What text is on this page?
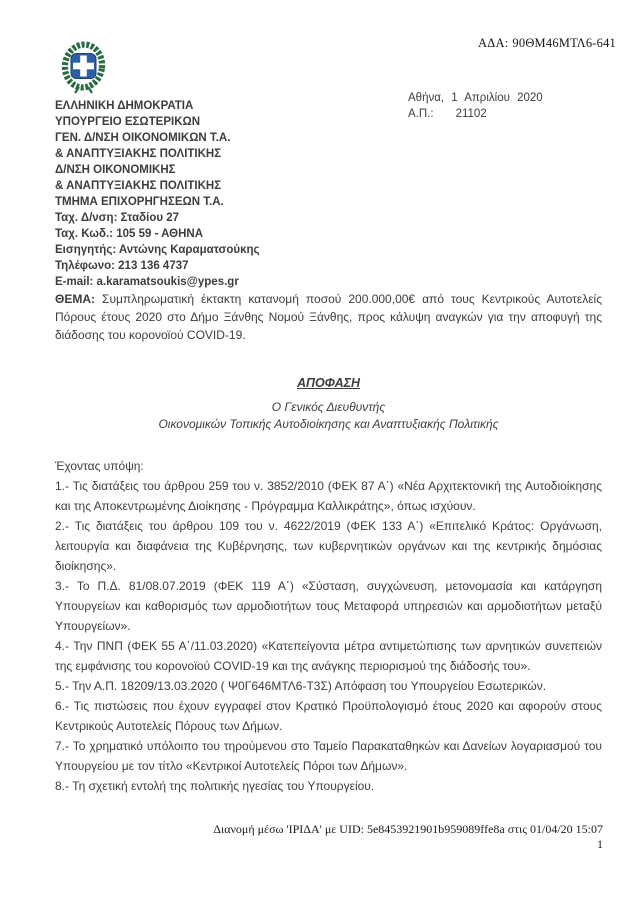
ΑΔΑ: 90ΘΜ46ΜΤΛ6-641
ΕΛΛΗΝΙΚΗ ΔΗΜΟΚΡΑΤΙΑ
ΥΠΟΥΡΓΕΙΟ ΕΣΩΤΕΡΙΚΩΝ
ΓΕΝ. Δ/ΝΣΗ ΟΙΚΟΝΟΜΙΚΩΝ Τ.Α.
& ΑΝΑΠΤΥΞΙΑΚΗΣ ΠΟΛΙΤΙΚΗΣ
Δ/ΝΣΗ ΟΙΚΟΝΟΜΙΚΗΣ
& ΑΝΑΠΤΥΞΙΑΚΗΣ ΠΟΛΙΤΙΚΗΣ
ΤΜΗΜΑ ΕΠΙΧΟΡΗΓΗΣΕΩΝ Τ.Α.
Ταχ. Δ/νση: Σταδίου 27
Ταχ. Κωδ.: 105 59 - ΑΘΗΝΑ
Εισηγητής: Αντώνης Καραματσούκης
Τηλέφωνο: 213 136 4737
E-mail: a.karamatsoukis@ypes.gr
Αθήνα, 1 Απριλίου 2020
Α.Π.: 21102
ΘΕΜΑ: Συμπληρωματική έκτακτη κατανομή ποσού 200.000,00€ από τους Κεντρικούς Αυτοτελείς Πόρους έτους 2020 στο Δήμο Ξάνθης Νομού Ξάνθης, προς κάλυψη αναγκών για την αποφυγή της διάδοσης του κορονοϊού COVID-19.
ΑΠΟΦΑΣΗ
Ο Γενικός Διευθυντής
Οικονομικών Τοπικής Αυτοδιοίκησης και Αναπτυξιακής Πολιτικής
Έχοντας υπόψη:
1.- Τις διατάξεις του άρθρου 259 του ν. 3852/2010 (ΦΕΚ 87 Α΄) «Νέα Αρχιτεκτονική της Αυτοδιοίκησης και της Αποκεντρωμένης Διοίκησης - Πρόγραμμα Καλλικράτης», όπως ισχύουν.
2.- Τις διατάξεις του άρθρου 109 του ν. 4622/2019 (ΦΕΚ 133 Α΄) «Επιτελικό Κράτος: Οργάνωση, λειτουργία και διαφάνεια της Κυβέρνησης, των κυβερνητικών οργάνων και της κεντρικής δημόσιας διοίκησης».
3.- Το Π.Δ. 81/08.07.2019 (ΦΕΚ 119 Α΄) «Σύσταση, συγχώνευση, μετονομασία και κατάργηση Υπουργείων και καθορισμός των αρμοδιοτήτων τους Μεταφορά υπηρεσιών και αρμοδιοτήτων μεταξύ Υπουργείων».
4.- Την ΠΝΠ (ΦΕΚ 55 Α΄/11.03.2020) «Κατεπείγοντα μέτρα αντιμετώπισης των αρνητικών συνεπειών της εμφάνισης του κορονοϊού COVID-19 και της ανάγκης περιορισμού της διάδοσής του».
5.- Την Α.Π. 18209/13.03.2020 ( Ψ0Γ646ΜΤΛ6-Τ3Σ) Απόφαση του Υπουργείου Εσωτερικών.
6.- Τις πιστώσεις που έχουν εγγραφεί στον Κρατικό Προϋπολογισμό έτους 2020 και αφορούν στους Κεντρικούς Αυτοτελείς Πόρους των Δήμων.
7.- Το χρηματικό υπόλοιπο του τηρούμενου στο Ταμείο Παρακαταθηκών και Δανείων λογαριασμού του Υπουργείου με τον τίτλο «Κεντρικοί Αυτοτελείς Πόροι των Δήμων».
8.- Τη σχετική εντολή της πολιτικής ηγεσίας του Υπουργείου.
Διανομή μέσω 'ΙΡΙΔΑ' με UID: 5e8453921901b959089ffe8a στις 01/04/20 15:07
1
